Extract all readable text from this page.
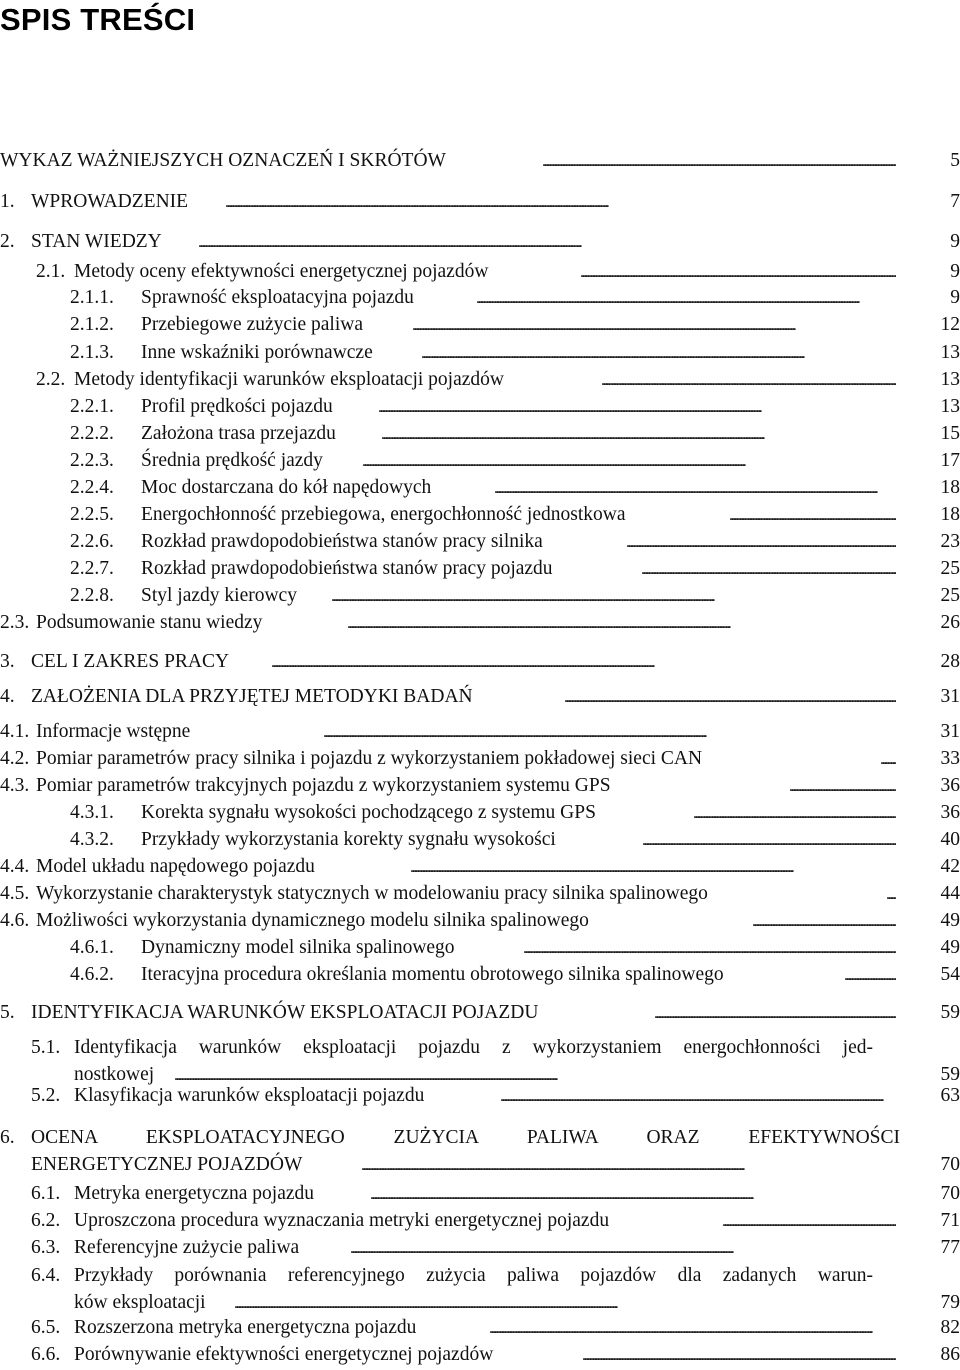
SPIS TREŚCI
WYKAZ WAŻNIEJSZYCH OZNACZEŃ I SKRÓTÓW . . .	5
1. WPROWADZENIE . . .	7
2. STAN WIEDZY . . .	9
2.1. Metody oceny efektywności energetycznej pojazdów . . .	9
2.1.1. Sprawność eksploatacyjna pojazdu . . .	9
2.1.2. Przebiegowe zużycie paliwa . . .	12
2.1.3. Inne wskaźniki porównawcze . . .	13
2.2. Metody identyfikacji warunków eksploatacji pojazdów . . .	13
2.2.1. Profil prędkości pojazdu . . .	13
2.2.2. Założona trasa przejazdu . . .	15
2.2.3. Średnia prędkość jazdy . . .	17
2.2.4. Moc dostarczana do kół napędowych . . .	18
2.2.5. Energochłonność przebiegowa, energochłonność jednostkowa . . .	18
2.2.6. Rozkład prawdopodobieństwa stanów pracy silnika . . .	23
2.2.7. Rozkład prawdopodobieństwa stanów pracy pojazdu . . .	25
2.2.8. Styl jazdy kierowcy . . .	25
2.3. Podsumowanie stanu wiedzy . . .	26
3. CEL I ZAKRES PRACY . . .	28
4. ZAŁOŻENIA DLA PRZYJĘTEJ METODYKI BADAŃ . . .	31
4.1. Informacje wstępne . . .	31
4.2. Pomiar parametrów pracy silnika i pojazdu z wykorzystaniem pokładowej sieci CAN . . .	33
4.3. Pomiar parametrów trakcyjnych pojazdu z wykorzystaniem systemu GPS . . .	36
4.3.1. Korekta sygnału wysokości pochodzącego z systemu GPS . . .	36
4.3.2. Przykłady wykorzystania korekty sygnału wysokości . . .	40
4.4. Model układu napędowego pojazdu . . .	42
4.5. Wykorzystanie charakterystyk statycznych w modelowaniu pracy silnika spalinowego . . .	44
4.6. Możliwości wykorzystania dynamicznego modelu silnika spalinowego . . .	49
4.6.1. Dynamiczny model silnika spalinowego . . .	49
4.6.2. Iteracyjna procedura określania momentu obrotowego silnika spalinowego . . .	54
5. IDENTYFIKACJA WARUNKÓW EKSPLOATACJI POJAZDU . . .	59
5.1. Identyfikacja warunków eksploatacji pojazdu z wykorzystaniem energochłonności jed-
nostkowej . . .	59
5.2. Klasyfikacja warunków eksploatacji pojazdu . . .	63
6. OCENA EKSPLOATACYJNEGO ZUŻYCIA PALIWA ORAZ EFEKTYWNOŚCI
ENERGETYCZNEJ POJAZDÓW . . .	70
6.1. Metryka energetyczna pojazdu . . .	70
6.2. Uproszczona procedura wyznaczania metryki energetycznej pojazdu . . .	71
6.3. Referencyjne zużycie paliwa . . .	77
6.4. Przykłady porównania referencyjnego zużycia paliwa pojazdów dla zadanych warun-
ków eksploatacji . . .	79
6.5. Rozszerzona metryka energetyczna pojazdu . . .	82
6.6. Porównywanie efektywności energetycznej pojazdów . . .	86
